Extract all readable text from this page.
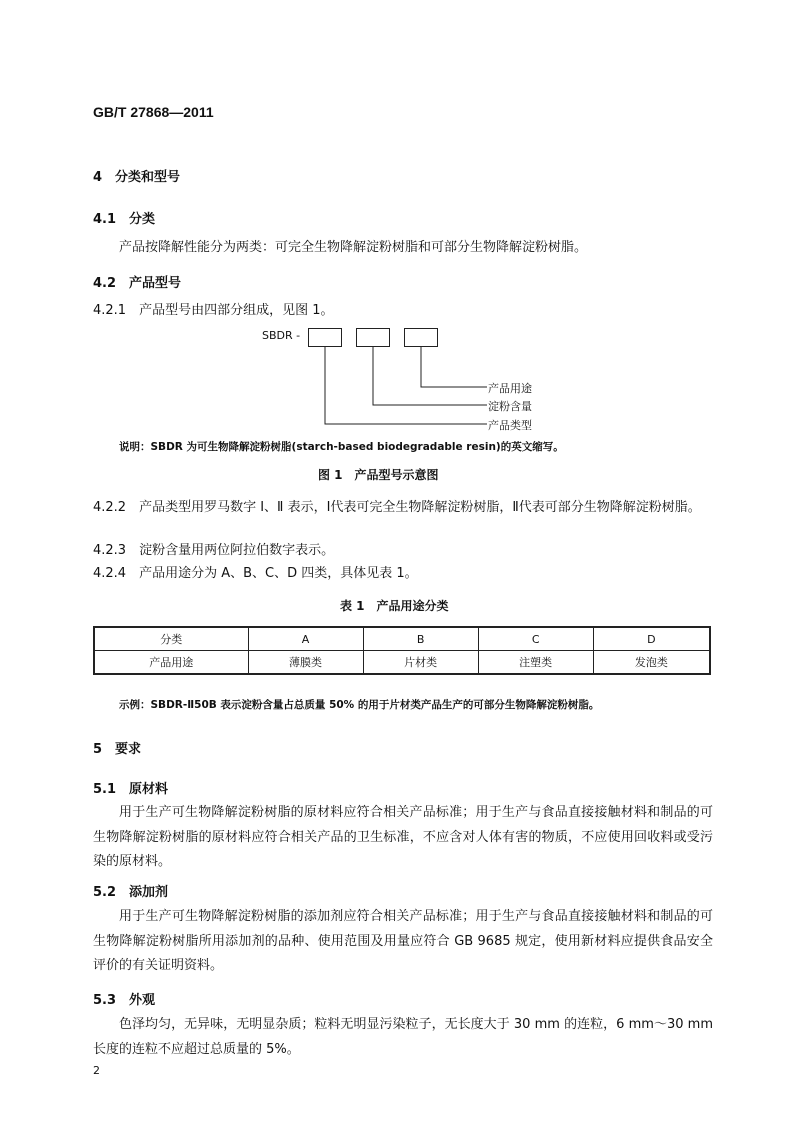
GB/T 27868—2011
4　分类和型号
4.1　分类
产品按降解性能分为两类：可完全生物降解淀粉树脂和可部分生物降解淀粉树脂。
4.2　产品型号
4.2.1　产品型号由四部分组成，见图 1。
SBDR -
产品用途
淀粉含量
产品类型
说明：SBDR 为可生物降解淀粉树脂(starch-based biodegradable resin)的英文缩写。
图 1　产品型号示意图
4.2.2　产品类型用罗马数字 Ⅰ、Ⅱ 表示，Ⅰ代表可完全生物降解淀粉树脂，Ⅱ代表可部分生物降解淀粉树脂。
4.2.3　淀粉含量用两位阿拉伯数字表示。
4.2.4　产品用途分为 A、B、C、D 四类，具体见表 1。
表 1　产品用途分类
分类	A	B	C	D
产品用途	薄膜类	片材类	注塑类	发泡类
示例：SBDR-Ⅱ50B 表示淀粉含量占总质量 50% 的用于片材类产品生产的可部分生物降解淀粉树脂。
5　要求
5.1　原材料
用于生产可生物降解淀粉树脂的原材料应符合相关产品标准；用于生产与食品直接接触材料和制品的可生物降解淀粉树脂的原材料应符合相关产品的卫生标准，不应含对人体有害的物质，不应使用回收料或受污染的原材料。
5.2　添加剂
用于生产可生物降解淀粉树脂的添加剂应符合相关产品标准；用于生产与食品直接接触材料和制品的可生物降解淀粉树脂所用添加剂的品种、使用范围及用量应符合 GB 9685 规定，使用新材料应提供食品安全评价的有关证明资料。
5.3　外观
色泽均匀，无异味，无明显杂质；粒料无明显污染粒子，无长度大于 30 mm 的连粒，6 mm～30 mm 长度的连粒不应超过总质量的 5%。
2
